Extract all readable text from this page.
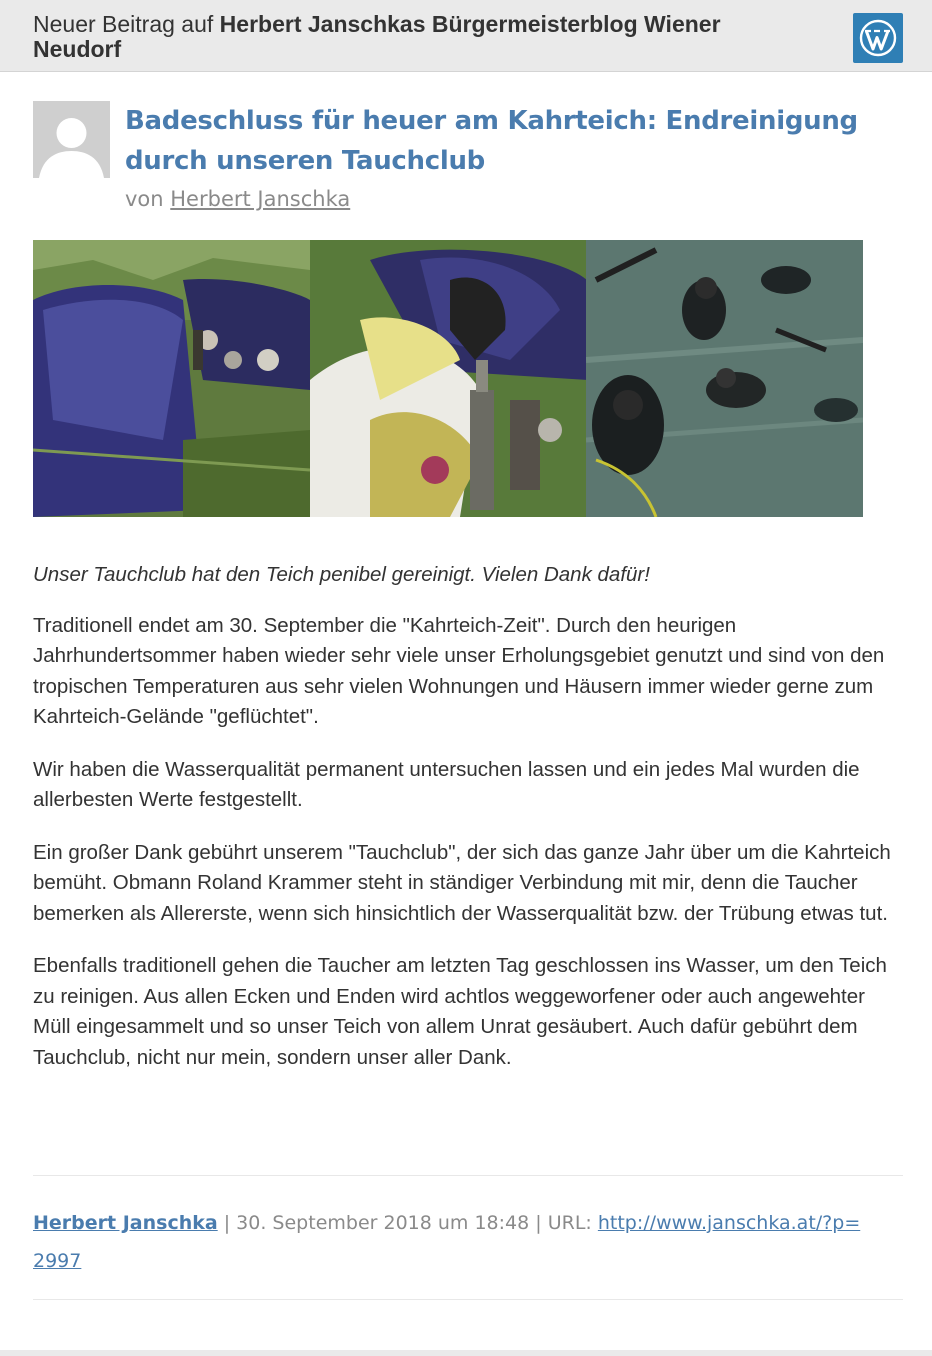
Neuer Beitrag auf Herbert Janschkas Bürgermeisterblog Wiener Neudorf
Badeschluss für heuer am Kahrteich: Endreinigung durch unseren Tauchclub
von Herbert Janschka

Unser Tauchclub hat den Teich penibel gereinigt. Vielen Dank dafür!

Traditionell endet am 30. September die "Kahrteich-Zeit". Durch den heurigen Jahrhundertsommer haben wieder sehr viele unser Erholungsgebiet genutzt und sind von den tropischen Temperaturen aus sehr vielen Wohnungen und Häusern immer wieder gerne zum Kahrteich-Gelände "geflüchtet".

Wir haben die Wasserqualität permanent untersuchen lassen und ein jedes Mal wurden die allerbesten Werte festgestellt.

Ein großer Dank gebührt unserem "Tauchclub", der sich das ganze Jahr über um die Kahrteich bemüht. Obmann Roland Krammer steht in ständiger Verbindung mit mir, denn die Taucher bemerken als Allererste, wenn sich hinsichtlich der Wasserqualität bzw. der Trübung etwas tut.

Ebenfalls traditionell gehen die Taucher am letzten Tag geschlossen ins Wasser, um den Teich zu reinigen. Aus allen Ecken und Enden wird achtlos weggeworfener oder auch angewehter Müll eingesammelt und so unser Teich von allem Unrat gesäubert. Auch dafür gebührt dem Tauchclub, nicht nur mein, sondern unser aller Dank.

Herbert Janschka | 30. September 2018 um 18:48 | URL: http://www.janschka.at/?p=2997
